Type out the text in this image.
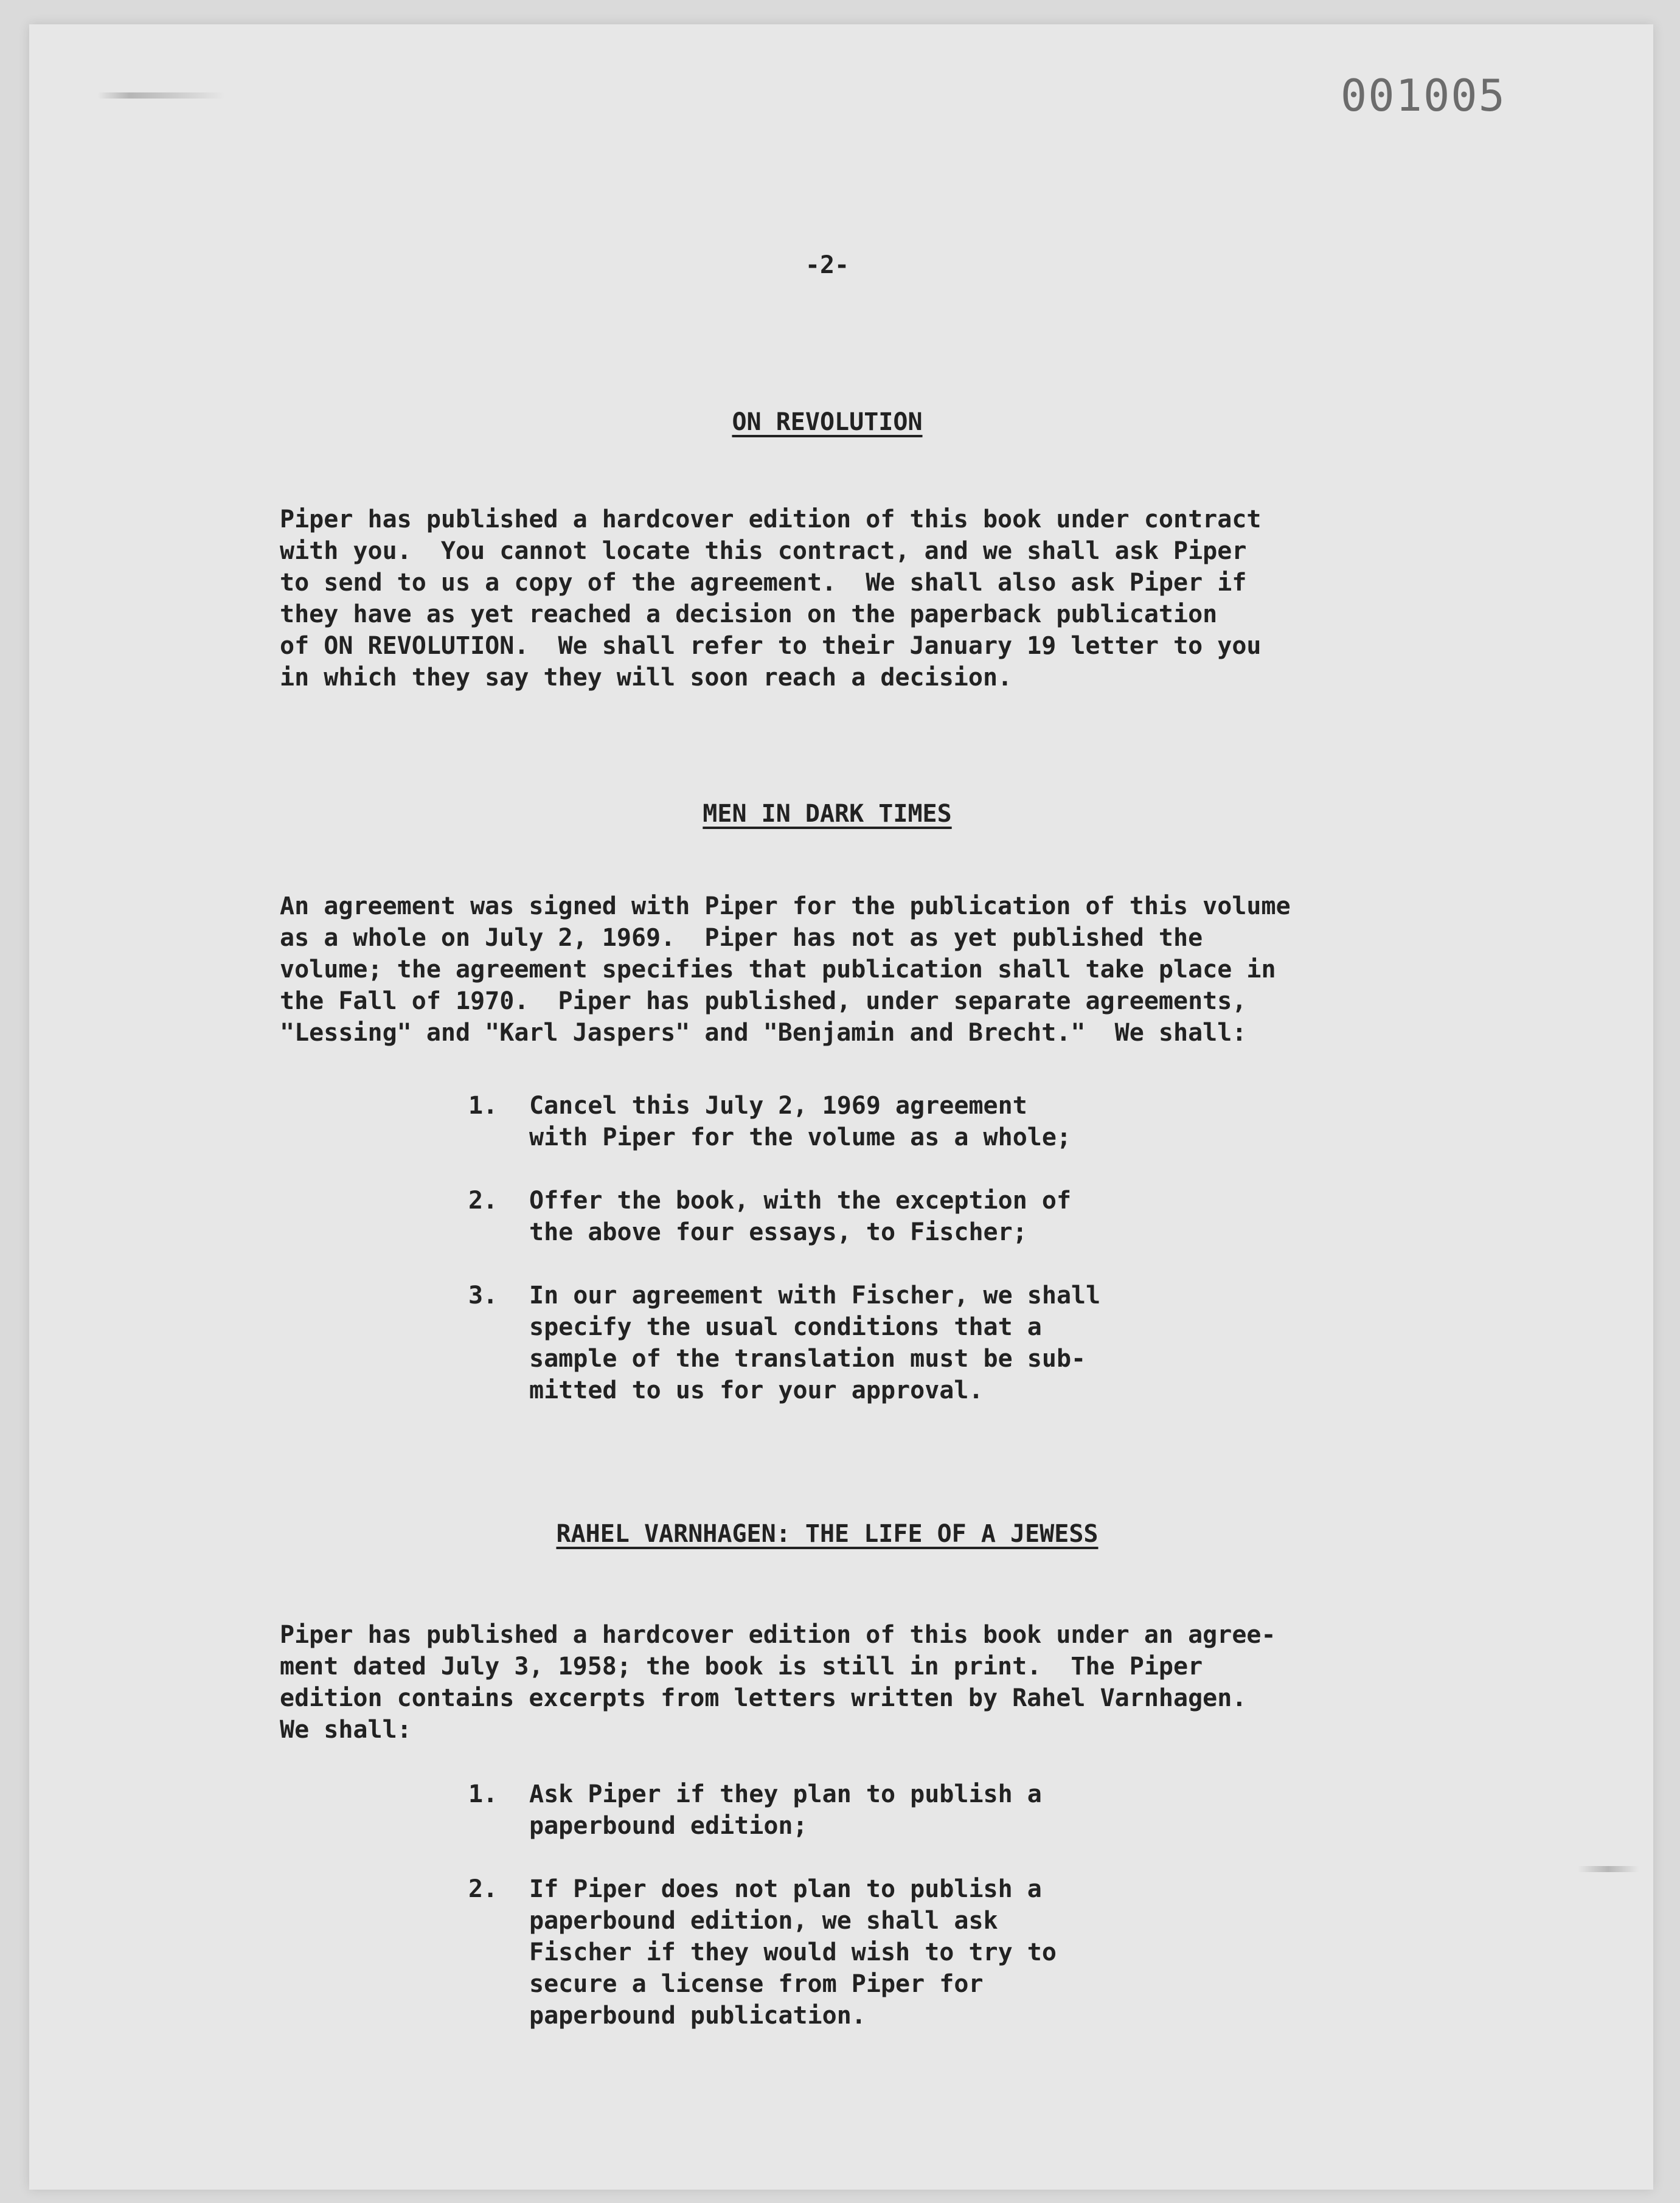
001005
-2-
ON REVOLUTION

Piper has published a hardcover edition of this book under contract
with you.  You cannot locate this contract, and we shall ask Piper
to send to us a copy of the agreement.  We shall also ask Piper if
they have as yet reached a decision on the paperback publication
of ON REVOLUTION.  We shall refer to their January 19 letter to you
in which they say they will soon reach a decision.

MEN IN DARK TIMES

An agreement was signed with Piper for the publication of this volume
as a whole on July 2, 1969.  Piper has not as yet published the
volume; the agreement specifies that publication shall take place in
the Fall of 1970.  Piper has published, under separate agreements,
"Lessing" and "Karl Jaspers" and "Benjamin and Brecht."  We shall:

1. Cancel this July 2, 1969 agreement
with Piper for the volume as a whole;
2. Offer the book, with the exception of
the above four essays, to Fischer;
3. In our agreement with Fischer, we shall
specify the usual conditions that a
sample of the translation must be sub-
mitted to us for your approval.
RAHEL VARNHAGEN: THE LIFE OF A JEWESS

Piper has published a hardcover edition of this book under an agree-
ment dated July 3, 1958; the book is still in print.  The Piper
edition contains excerpts from letters written by Rahel Varnhagen.
We shall:

1. Ask Piper if they plan to publish a
paperbound edition;
2. If Piper does not plan to publish a
paperbound edition, we shall ask
Fischer if they would wish to try to
secure a license from Piper for
paperbound publication.
